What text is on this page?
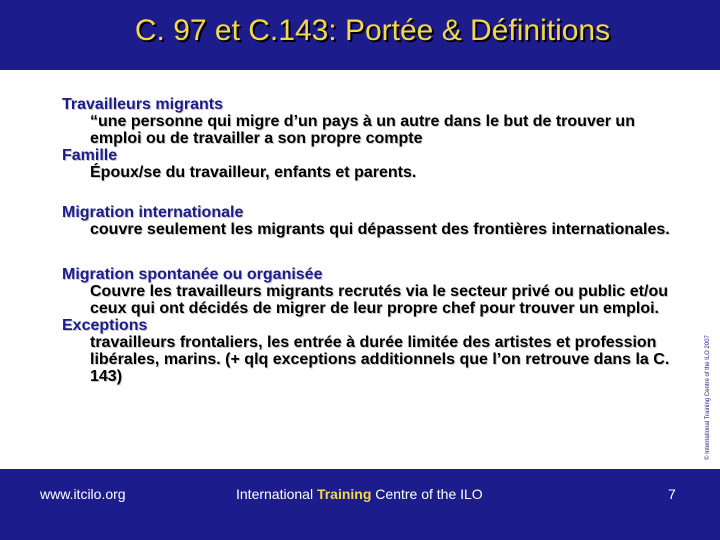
C. 97 et C.143: Portée & Définitions
Travailleurs migrants
“une personne qui migre d’un pays à un autre dans le but de trouver un emploi ou de travailler a son propre compte
Famille
Époux/se du travailleur, enfants et parents.
Migration internationale
couvre seulement les migrants qui dépassent des frontières internationales.
Migration spontanée ou organisée
Couvre les travailleurs migrants recrutés via le secteur privé ou public et/ou ceux qui ont décidés de migrer de leur propre chef pour trouver un emploi.
Exceptions
travailleurs frontaliers, les entrée à durée limitée des artistes et profession libérales, marins. (+ qlq exceptions additionnels que l’on retrouve dans la C. 143)	© International Training Centre of the ILO 2007
www.itcilo.org	International Training Centre of the ILO	7
